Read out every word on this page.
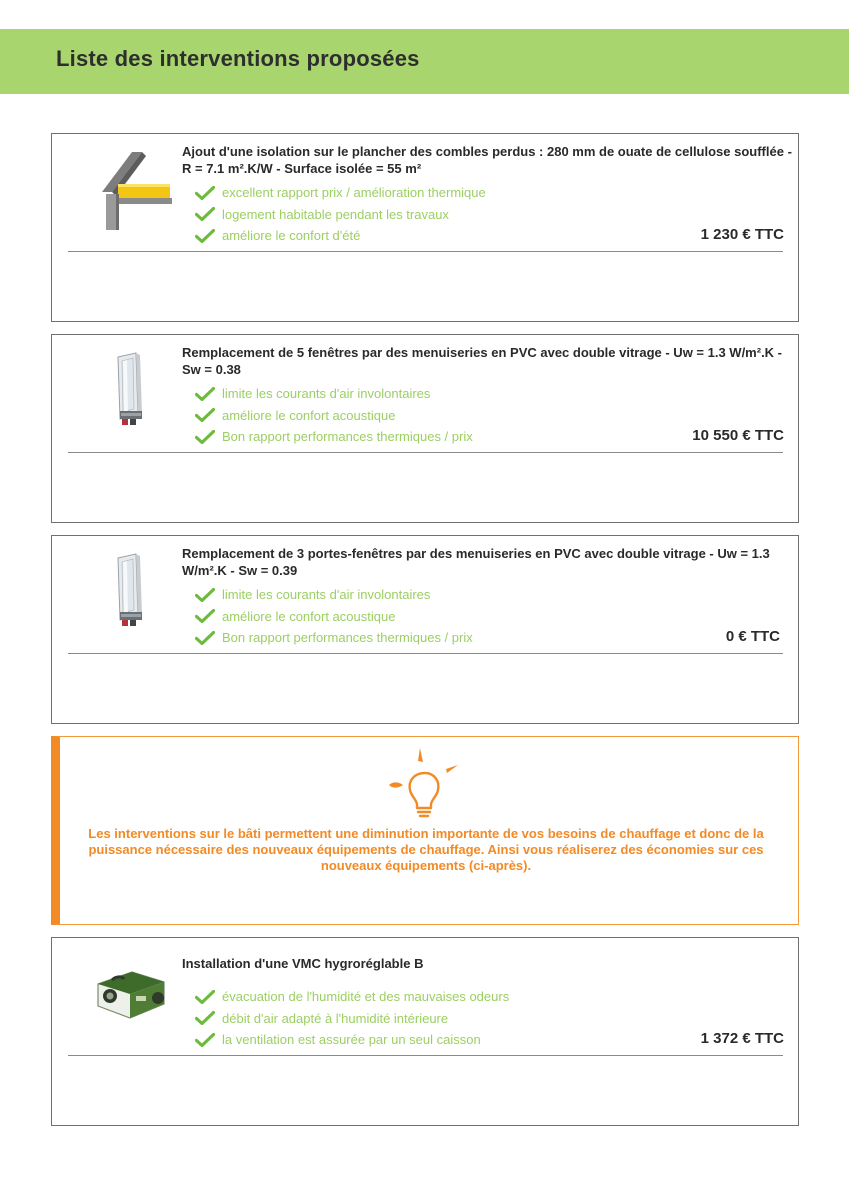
Liste des interventions proposées
Ajout d'une isolation sur le plancher des combles perdus : 280 mm de ouate de cellulose soufflée - R = 7.1 m².K/W - Surface isolée = 55 m²
excellent rapport prix / amélioration thermique
logement habitable pendant les travaux
améliore le confort d'été	1 230 € TTC
Remplacement de 5 fenêtres par des menuiseries en PVC avec double vitrage - Uw = 1.3 W/m².K - Sw = 0.38
limite les courants d'air involontaires
améliore le confort acoustique
Bon rapport performances thermiques / prix	10 550 € TTC
Remplacement de 3 portes-fenêtres par des menuiseries en PVC avec double vitrage - Uw = 1.3 W/m².K - Sw = 0.39
limite les courants d'air involontaires
améliore le confort acoustique
Bon rapport performances thermiques / prix	0 € TTC

Les interventions sur le bâti permettent une diminution importante de vos besoins de chauffage et donc de la puissance nécessaire des nouveaux équipements de chauffage. Ainsi vous réaliserez des économies sur ces nouveaux équipements (ci-après).

Installation d'une VMC hygroréglable B
évacuation de l'humidité et des mauvaises odeurs
débit d'air adapté à l'humidité intérieure
la ventilation est assurée par un seul caisson	1 372 € TTC
